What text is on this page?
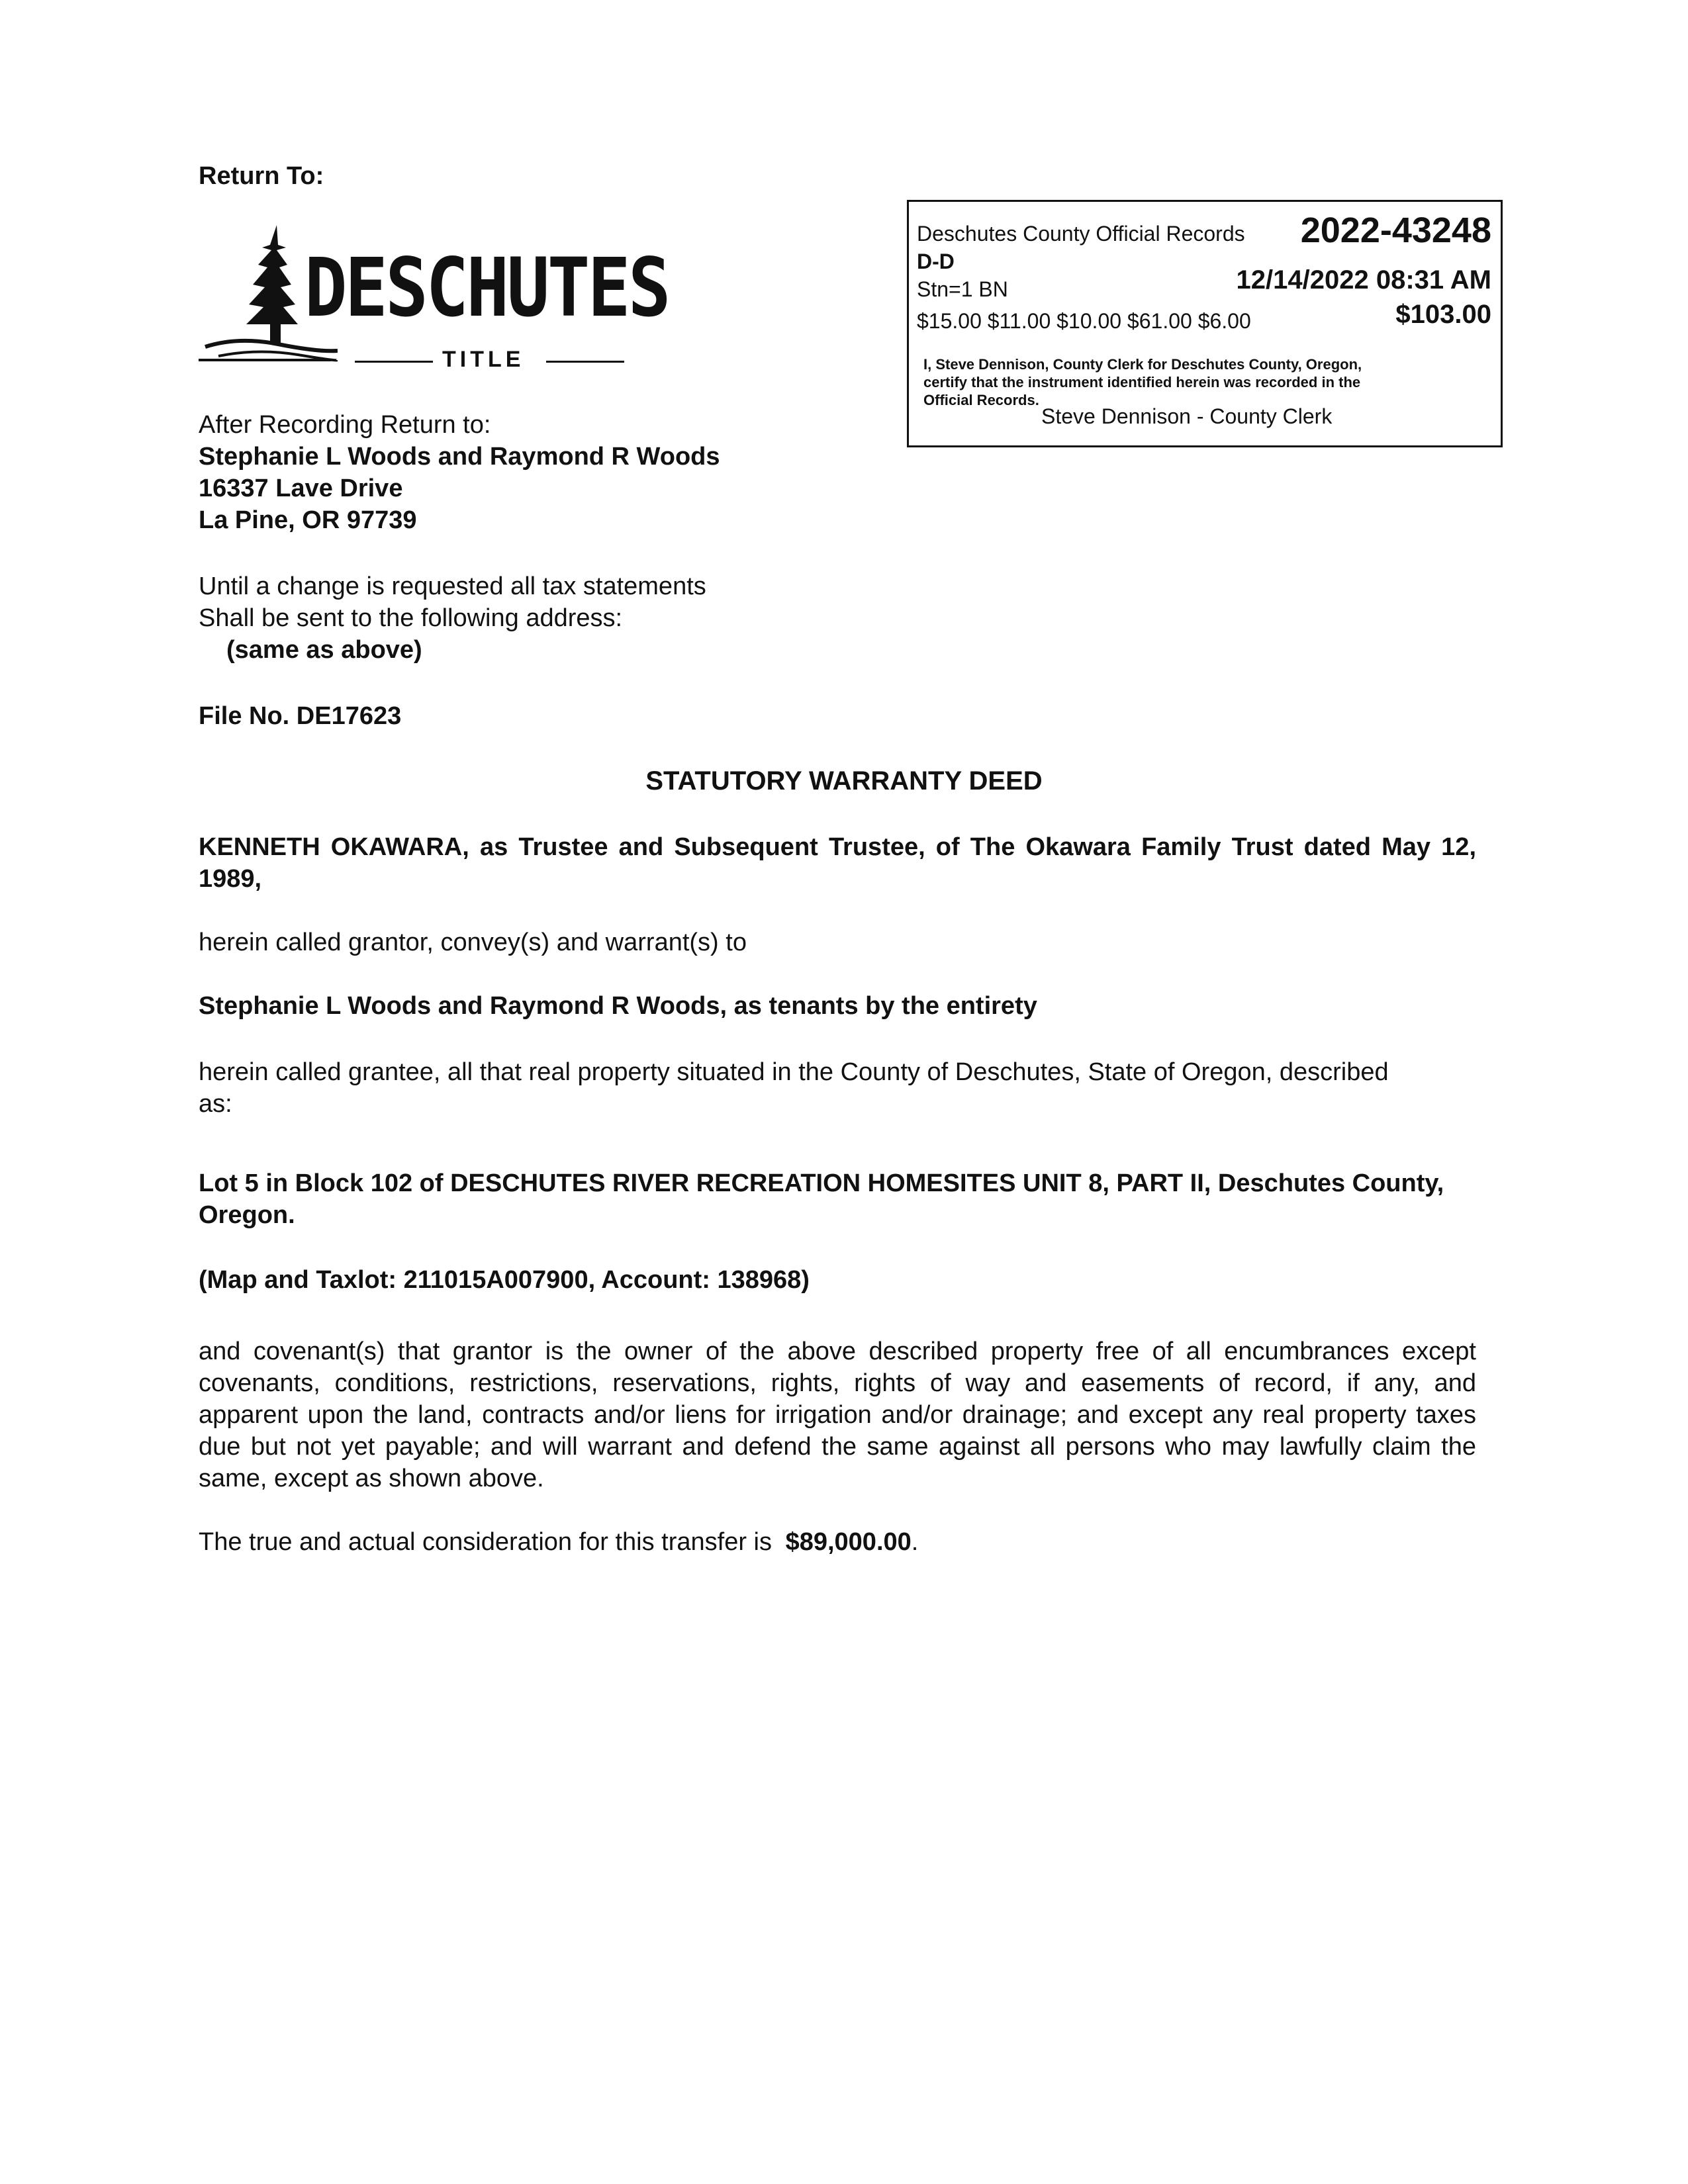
Return To:
DESCHUTES
TITLE
Deschutes County Official Records 2022-43248
D-D
Stn=1 BN	12/14/2022 08:31 AM
$15.00 $11.00 $10.00 $61.00 $6.00	$103.00
I, Steve Dennison, County Clerk for Deschutes County, Oregon,
certify that the instrument identified herein was recorded in the
Official Records.
Steve Dennison - County Clerk
After Recording Return to:
Stephanie L Woods and Raymond R Woods
16337 Lave Drive
La Pine, OR 97739
Until a change is requested all tax statements
Shall be sent to the following address:
(same as above)
File No. DE17623
STATUTORY WARRANTY DEED
KENNETH OKAWARA, as Trustee and Subsequent Trustee, of The Okawara Family Trust dated May 12, 1989,
herein called grantor, convey(s) and warrant(s) to
Stephanie L Woods and Raymond R Woods, as tenants by the entirety
herein called grantee, all that real property situated in the County of Deschutes, State of Oregon, described as:
Lot 5 in Block 102 of DESCHUTES RIVER RECREATION HOMESITES UNIT 8, PART II, Deschutes County, Oregon.
(Map and Taxlot: 211015A007900, Account: 138968)
and covenant(s) that grantor is the owner of the above described property free of all encumbrances except covenants, conditions, restrictions, reservations, rights, rights of way and easements of record, if any, and apparent upon the land, contracts and/or liens for irrigation and/or drainage; and except any real property taxes due but not yet payable; and will warrant and defend the same against all persons who may lawfully claim the same, except as shown above.
The true and actual consideration for this transfer is $89,000.00.
